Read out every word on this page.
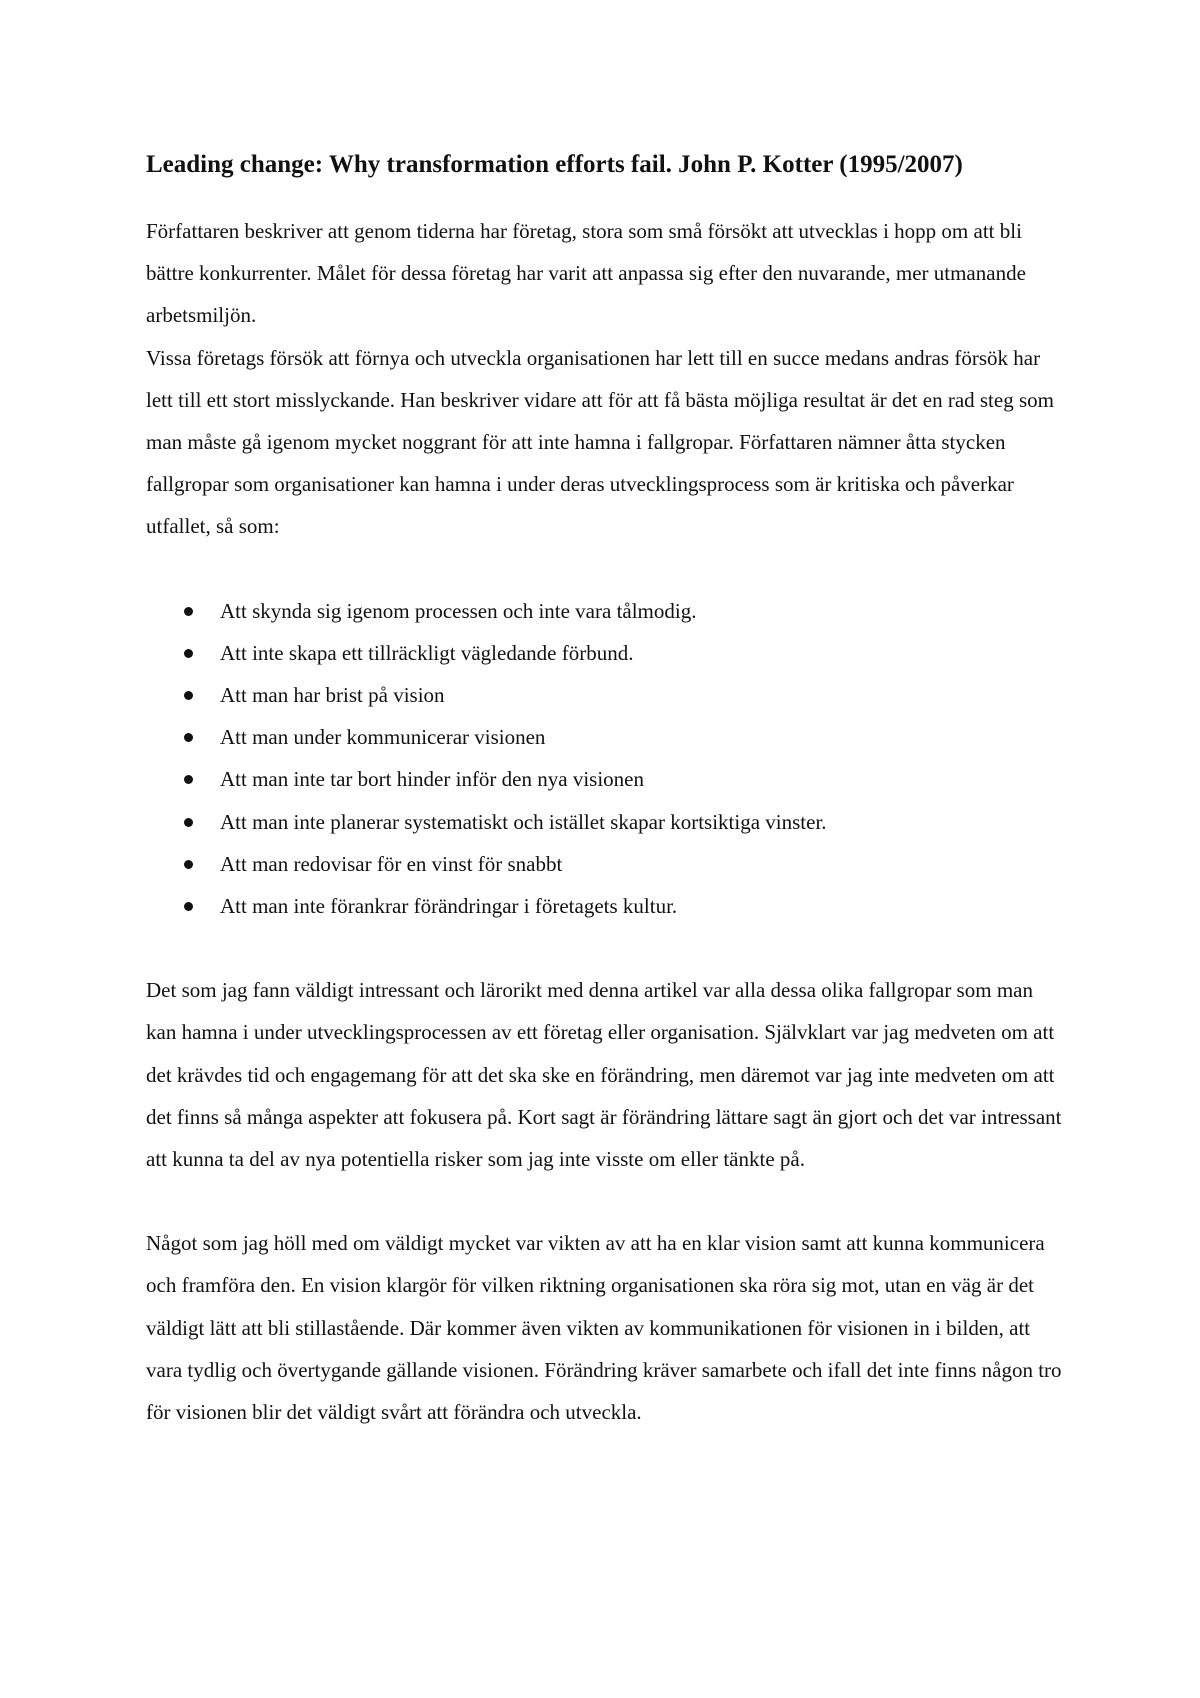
Leading change: Why transformation efforts fail. John P. Kotter (1995/2007)

Författaren beskriver att genom tiderna har företag, stora som små försökt att utvecklas i hopp om att bli bättre konkurrenter. Målet för dessa företag har varit att anpassa sig efter den nuvarande, mer utmanande arbetsmiljön.

Vissa företags försök att förnya och utveckla organisationen har lett till en succe medans andras försök har lett till ett stort misslyckande. Han beskriver vidare att för att få bästa möjliga resultat är det en rad steg som man måste gå igenom mycket noggrant för att inte hamna i fallgropar. Författaren nämner åtta stycken fallgropar som organisationer kan hamna i under deras utvecklingsprocess som är kritiska och påverkar utfallet, så som:

Att skynda sig igenom processen och inte vara tålmodig.
Att inte skapa ett tillräckligt vägledande förbund.
Att man har brist på vision
Att man under kommunicerar visionen
Att man inte tar bort hinder inför den nya visionen
Att man inte planerar systematiskt och istället skapar kortsiktiga vinster.
Att man redovisar för en vinst för snabbt
Att man inte förankrar förändringar i företagets kultur.

Det som jag fann väldigt intressant och lärorikt med denna artikel var alla dessa olika fallgropar som man kan hamna i under utvecklingsprocessen av ett företag eller organisation. Självklart var jag medveten om att det krävdes tid och engagemang för att det ska ske en förändring, men däremot var jag inte medveten om att det finns så många aspekter att fokusera på. Kort sagt är förändring lättare sagt än gjort och det var intressant att kunna ta del av nya potentiella risker som jag inte visste om eller tänkte på.

Något som jag höll med om väldigt mycket var vikten av att ha en klar vision samt att kunna kommunicera och framföra den. En vision klargör för vilken riktning organisationen ska röra sig mot, utan en väg är det väldigt lätt att bli stillastående. Där kommer även vikten av kommunikationen för visionen in i bilden, att vara tydlig och övertygande gällande visionen. Förändring kräver samarbete och ifall det inte finns någon tro för visionen blir det väldigt svårt att förändra och utveckla.
